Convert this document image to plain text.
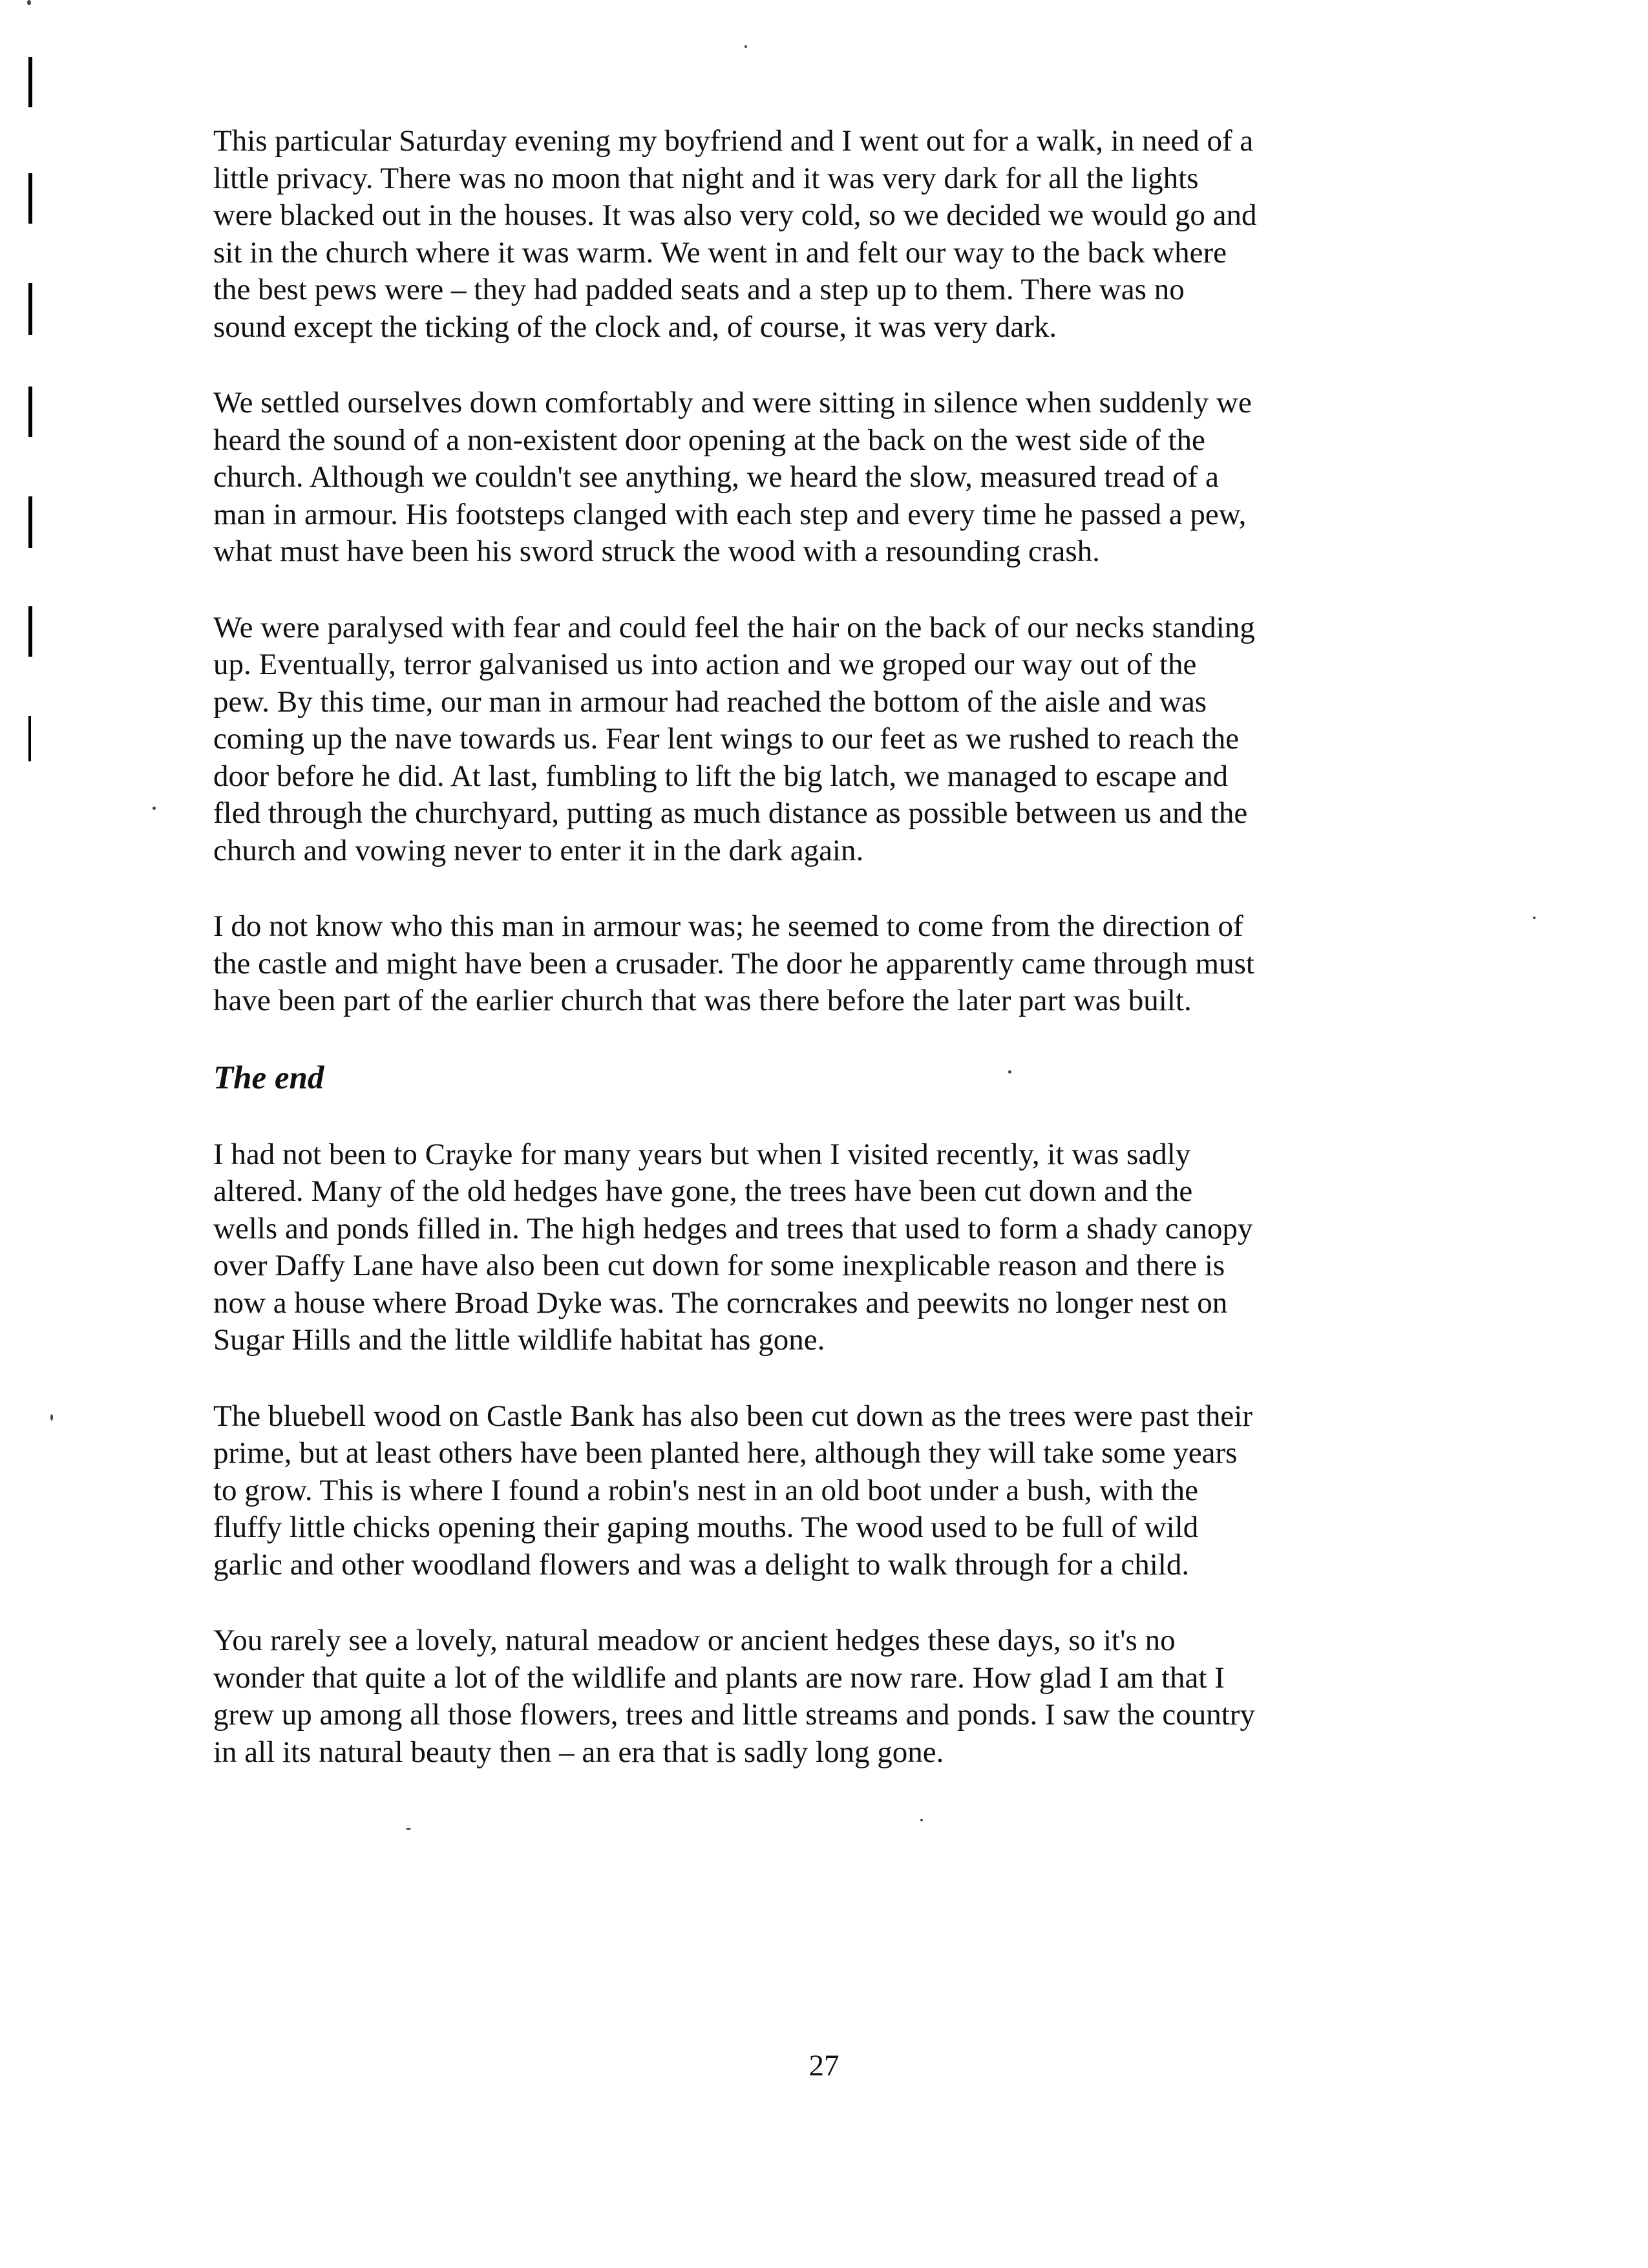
This particular Saturday evening my boyfriend and I went out for a walk, in need of a
little privacy. There was no moon that night and it was very dark for all the lights
were blacked out in the houses. It was also very cold, so we decided we would go and
sit in the church where it was warm. We went in and felt our way to the back where
the best pews were – they had padded seats and a step up to them. There was no
sound except the ticking of the clock and, of course, it was very dark.

We settled ourselves down comfortably and were sitting in silence when suddenly we
heard the sound of a non-existent door opening at the back on the west side of the
church. Although we couldn't see anything, we heard the slow, measured tread of a
man in armour. His footsteps clanged with each step and every time he passed a pew,
what must have been his sword struck the wood with a resounding crash.

We were paralysed with fear and could feel the hair on the back of our necks standing
up. Eventually, terror galvanised us into action and we groped our way out of the
pew. By this time, our man in armour had reached the bottom of the aisle and was
coming up the nave towards us. Fear lent wings to our feet as we rushed to reach the
door before he did. At last, fumbling to lift the big latch, we managed to escape and
fled through the churchyard, putting as much distance as possible between us and the
church and vowing never to enter it in the dark again.

I do not know who this man in armour was; he seemed to come from the direction of
the castle and might have been a crusader. The door he apparently came through must
have been part of the earlier church that was there before the later part was built.

The end

I had not been to Crayke for many years but when I visited recently, it was sadly
altered. Many of the old hedges have gone, the trees have been cut down and the
wells and ponds filled in. The high hedges and trees that used to form a shady canopy
over Daffy Lane have also been cut down for some inexplicable reason and there is
now a house where Broad Dyke was. The corncrakes and peewits no longer nest on
Sugar Hills and the little wildlife habitat has gone.

The bluebell wood on Castle Bank has also been cut down as the trees were past their
prime, but at least others have been planted here, although they will take some years
to grow. This is where I found a robin's nest in an old boot under a bush, with the
fluffy little chicks opening their gaping mouths. The wood used to be full of wild
garlic and other woodland flowers and was a delight to walk through for a child.

You rarely see a lovely, natural meadow or ancient hedges these days, so it's no
wonder that quite a lot of the wildlife and plants are now rare. How glad I am that I
grew up among all those flowers, trees and little streams and ponds. I saw the country
in all its natural beauty then – an era that is sadly long gone.

27
